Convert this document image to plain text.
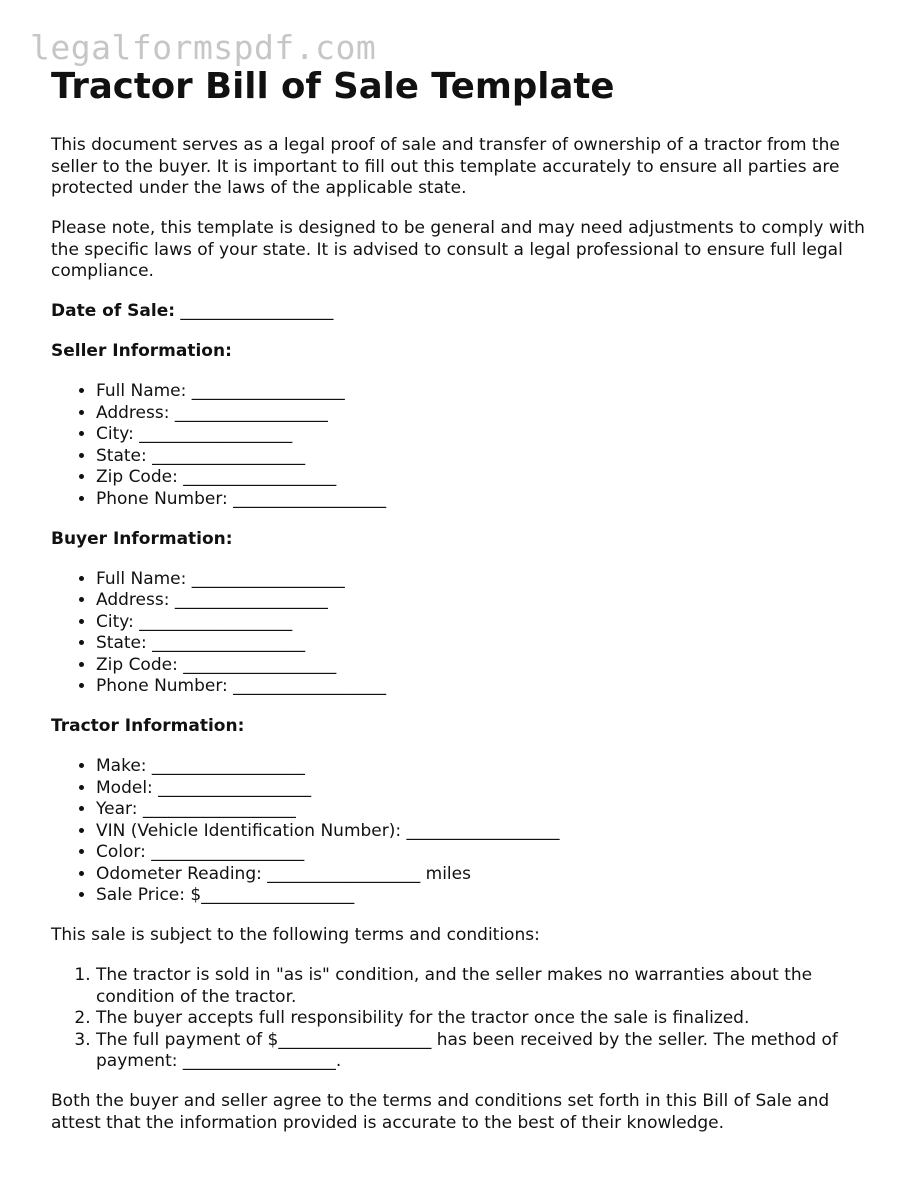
legalformspdf.com
Tractor Bill of Sale Template

This document serves as a legal proof of sale and transfer of ownership of a tractor from the seller to the buyer. It is important to fill out this template accurately to ensure all parties are protected under the laws of the applicable state.

Please note, this template is designed to be general and may need adjustments to comply with the specific laws of your state. It is advised to consult a legal professional to ensure full legal compliance.

Date of Sale: __________________

Seller Information:

• Full Name: __________________
• Address: __________________
• City: __________________
• State: __________________
• Zip Code: __________________
• Phone Number: __________________

Buyer Information:

• Full Name: __________________
• Address: __________________
• City: __________________
• State: __________________
• Zip Code: __________________
• Phone Number: __________________

Tractor Information:

• Make: __________________
• Model: __________________
• Year: __________________
• VIN (Vehicle Identification Number): __________________
• Color: __________________
• Odometer Reading: __________________ miles
• Sale Price: $__________________

This sale is subject to the following terms and conditions:

1. The tractor is sold in "as is" condition, and the seller makes no warranties about the condition of the tractor.
2. The buyer accepts full responsibility for the tractor once the sale is finalized.
3. The full payment of $__________________ has been received by the seller. The method of payment: __________________.

Both the buyer and seller agree to the terms and conditions set forth in this Bill of Sale and attest that the information provided is accurate to the best of their knowledge.
